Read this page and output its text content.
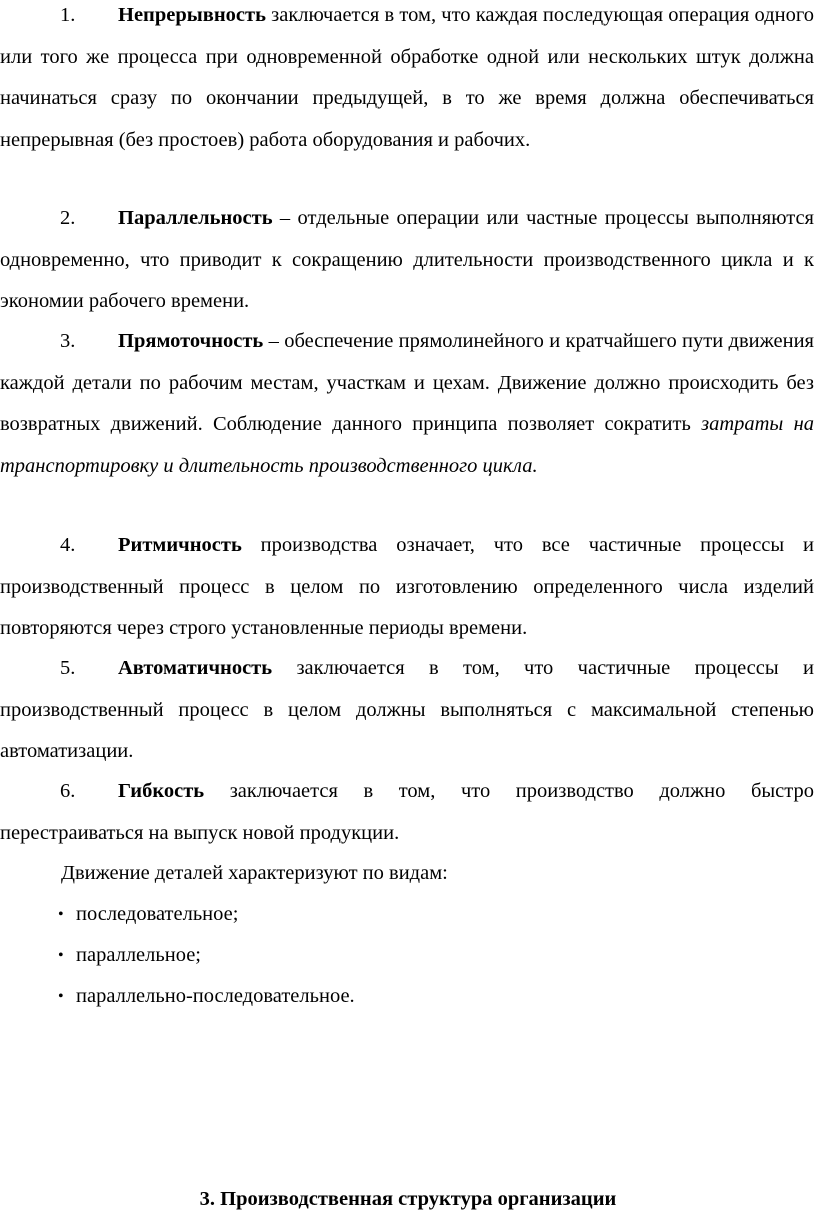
1. Непрерывность заключается в том, что каждая последующая операция одного или того же процесса при одновременной обработке одной или нескольких штук должна начинаться сразу по окончании предыдущей, в то же время должна обеспечиваться непрерывная (без простоев) работа оборудования и рабочих.

2. Параллельность – отдельные операции или частные процессы выполняются одновременно, что приводит к сокращению длительности производственного цикла и к экономии рабочего времени.

3. Прямоточность – обеспечение прямолинейного и кратчайшего пути движения каждой детали по рабочим местам, участкам и цехам. Движение должно происходить без возвратных движений. Соблюдение данного принципа позволяет сократить затраты на транспортировку и длительность производственного цикла.

4. Ритмичность производства означает, что все частичные процессы и производственный процесс в целом по изготовлению определенного числа изделий повторяются через строго установленные периоды времени.

5. Автоматичность заключается в том, что частичные процессы и производственный процесс в целом должны выполняться с максимальной степенью автоматизации.

6. Гибкость заключается в том, что производство должно быстро перестраиваться на выпуск новой продукции.

Движение деталей характеризуют по видам:

• последовательное;

• параллельное;

• параллельно-последовательное.

3. Производственная структура организации
